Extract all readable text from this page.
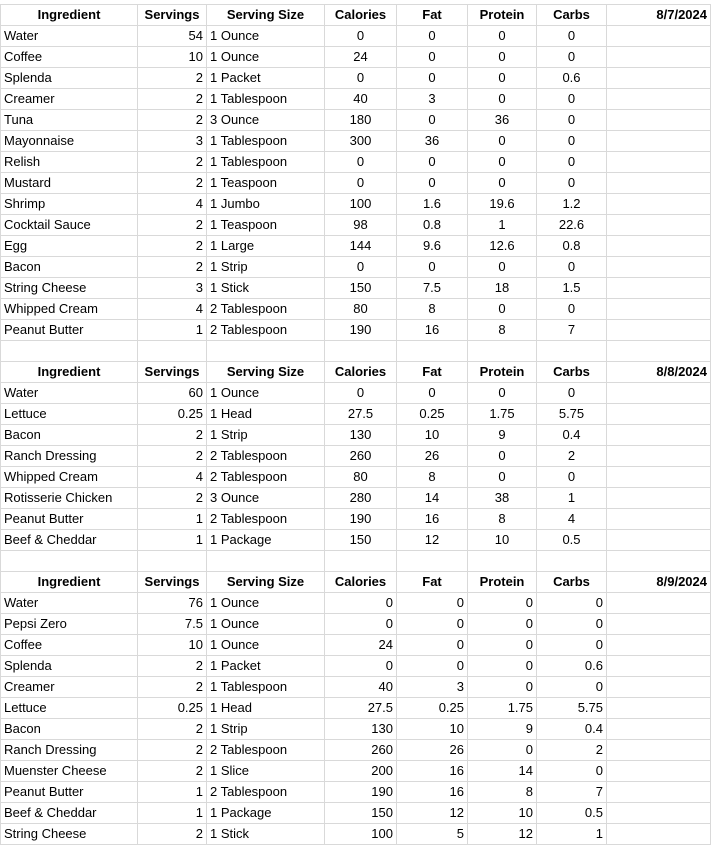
Ingredient	Servings	Serving Size	Calories	Fat	Protein	Carbs	8/7/2024
Water	54	1 Ounce	0	0	0	0	
Coffee	10	1 Ounce	24	0	0	0	
Splenda	2	1 Packet	0	0	0	0.6	
Creamer	2	1 Tablespoon	40	3	0	0	
Tuna	2	3 Ounce	180	0	36	0	
Mayonnaise	3	1 Tablespoon	300	36	0	0	
Relish	2	1 Tablespoon	0	0	0	0	
Mustard	2	1 Teaspoon	0	0	0	0	
Shrimp	4	1 Jumbo	100	1.6	19.6	1.2	
Cocktail Sauce	2	1 Teaspoon	98	0.8	1	22.6	
Egg	2	1 Large	144	9.6	12.6	0.8	
Bacon	2	1 Strip	0	0	0	0	
String Cheese	3	1 Stick	150	7.5	18	1.5	
Whipped Cream	4	2 Tablespoon	80	8	0	0	
Peanut Butter	1	2 Tablespoon	190	16	8	7	

Ingredient	Servings	Serving Size	Calories	Fat	Protein	Carbs	8/8/2024
Water	60	1 Ounce	0	0	0	0	
Lettuce	0.25	1 Head	27.5	0.25	1.75	5.75	
Bacon	2	1 Strip	130	10	9	0.4	
Ranch Dressing	2	2 Tablespoon	260	26	0	2	
Whipped Cream	4	2 Tablespoon	80	8	0	0	
Rotisserie Chicken	2	3 Ounce	280	14	38	1	
Peanut Butter	1	2 Tablespoon	190	16	8	4	
Beef & Cheddar	1	1 Package	150	12	10	0.5	

Ingredient	Servings	Serving Size	Calories	Fat	Protein	Carbs	8/9/2024
Water	76	1 Ounce	0	0	0	0	
Pepsi Zero	7.5	1 Ounce	0	0	0	0	
Coffee	10	1 Ounce	24	0	0	0	
Splenda	2	1 Packet	0	0	0	0.6	
Creamer	2	1 Tablespoon	40	3	0	0	
Lettuce	0.25	1 Head	27.5	0.25	1.75	5.75	
Bacon	2	1 Strip	130	10	9	0.4	
Ranch Dressing	2	2 Tablespoon	260	26	0	2	
Muenster Cheese	2	1 Slice	200	16	14	0	
Peanut Butter	1	2 Tablespoon	190	16	8	7	
Beef & Cheddar	1	1 Package	150	12	10	0.5	
String Cheese	2	1 Stick	100	5	12	1	
